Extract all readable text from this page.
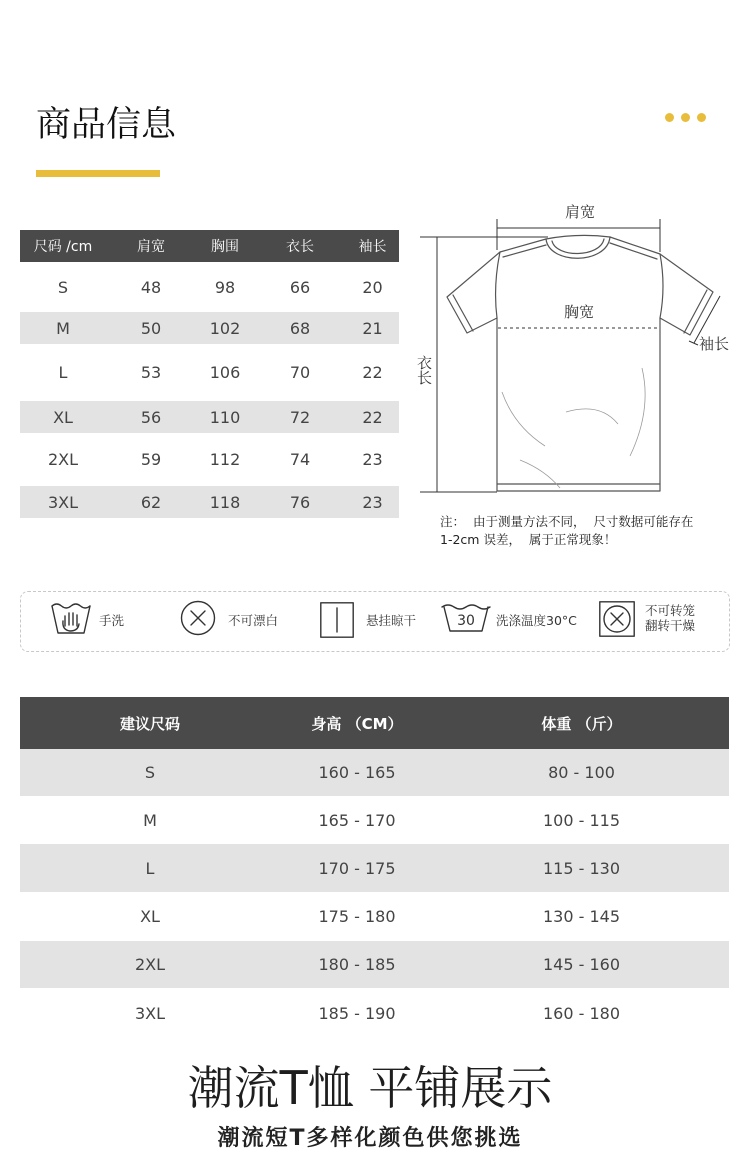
商品信息
尺码 /cm	肩宽	胸围	衣长	袖长
S	48	98	66	20
M	50	102	68	21
L	53	106	70	22
XL	56	110	72	22
2XL	59	112	74	23
3XL	62	118	76	23
肩宽
胸宽
袖长
衣长
注：  由于测量方法不同，  尺寸数据可能存在
1-2cm 误差，  属于正常现象！
手洗	不可漂白	悬挂晾干	30 洗涤温度30°C
不可转笼
翻转干燥
建议尺码	身高 （CM）	体重 （斤）
S	160 - 165	80 - 100
M	165 - 170	100 - 115
L	170 - 175	115 - 130
XL	175 - 180	130 - 145
2XL	180 - 185	145 - 160
3XL	185 - 190	160 - 180
潮流T恤 平铺展示
潮流短T多样化颜色供您挑选
